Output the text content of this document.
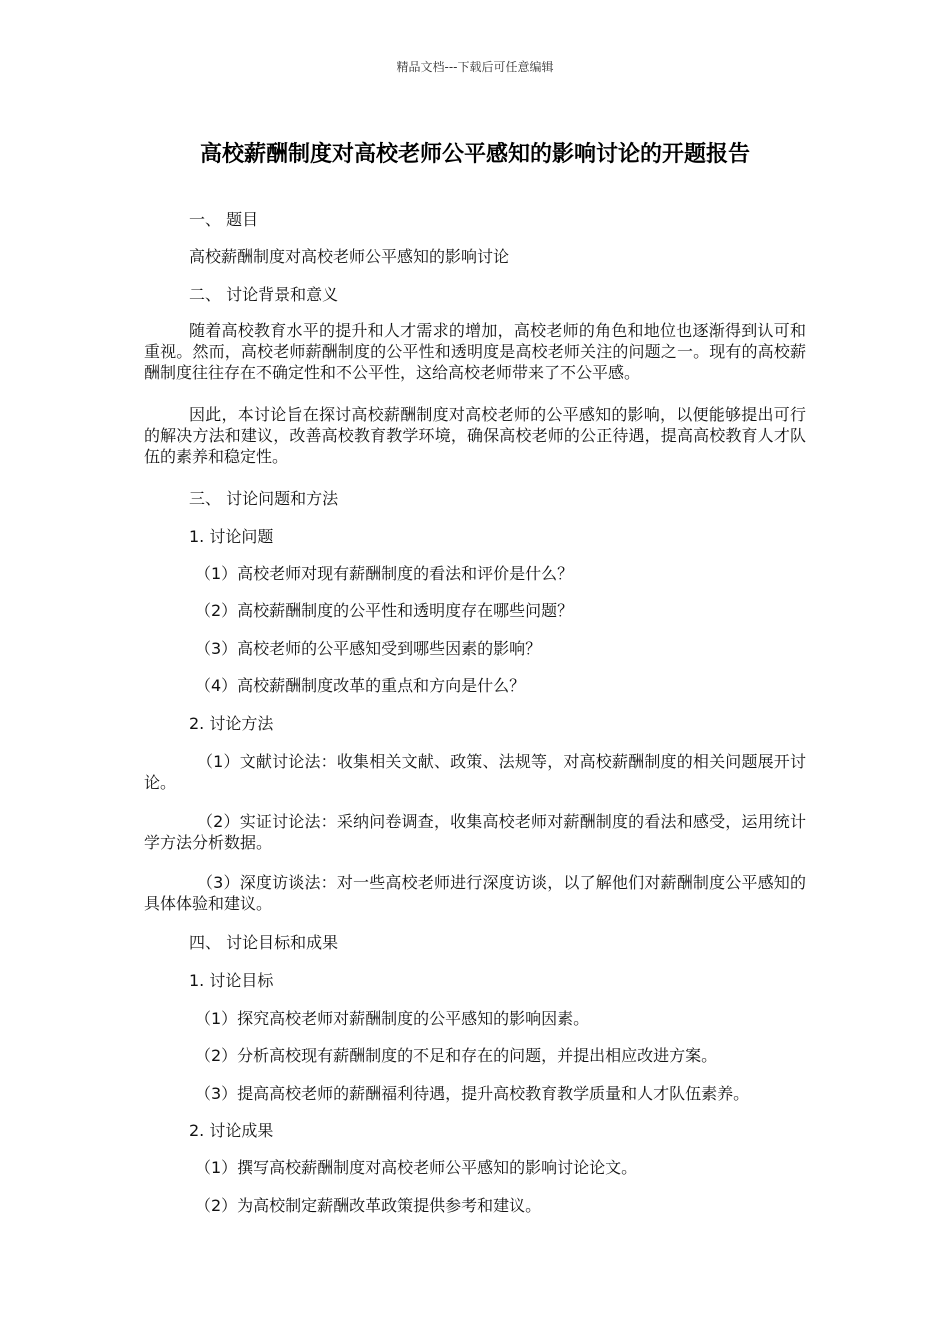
精品文档---下载后可任意编辑
高校薪酬制度对高校老师公平感知的影响讨论的开题报告
一、 题目
高校薪酬制度对高校老师公平感知的影响讨论
二、 讨论背景和意义
随着高校教育水平的提升和人才需求的增加，高校老师的角色和地位也逐渐得到认可和重视。然而，高校老师薪酬制度的公平性和透明度是高校老师关注的问题之一。现有的高校薪酬制度往往存在不确定性和不公平性，这给高校老师带来了不公平感。
因此，本讨论旨在探讨高校薪酬制度对高校老师的公平感知的影响，以便能够提出可行的解决方法和建议，改善高校教育教学环境，确保高校老师的公正待遇，提高高校教育人才队伍的素养和稳定性。
三、 讨论问题和方法
1. 讨论问题
（1）高校老师对现有薪酬制度的看法和评价是什么？
（2）高校薪酬制度的公平性和透明度存在哪些问题？
（3）高校老师的公平感知受到哪些因素的影响？
（4）高校薪酬制度改革的重点和方向是什么？
2. 讨论方法
（1）文献讨论法：收集相关文献、政策、法规等，对高校薪酬制度的相关问题展开讨论。
（2）实证讨论法：采纳问卷调查，收集高校老师对薪酬制度的看法和感受，运用统计学方法分析数据。
（3）深度访谈法：对一些高校老师进行深度访谈，以了解他们对薪酬制度公平感知的具体体验和建议。
四、 讨论目标和成果
1. 讨论目标
（1）探究高校老师对薪酬制度的公平感知的影响因素。
（2）分析高校现有薪酬制度的不足和存在的问题，并提出相应改进方案。
（3）提高高校老师的薪酬福利待遇，提升高校教育教学质量和人才队伍素养。
2. 讨论成果
（1）撰写高校薪酬制度对高校老师公平感知的影响讨论论文。
（2）为高校制定薪酬改革政策提供参考和建议。
